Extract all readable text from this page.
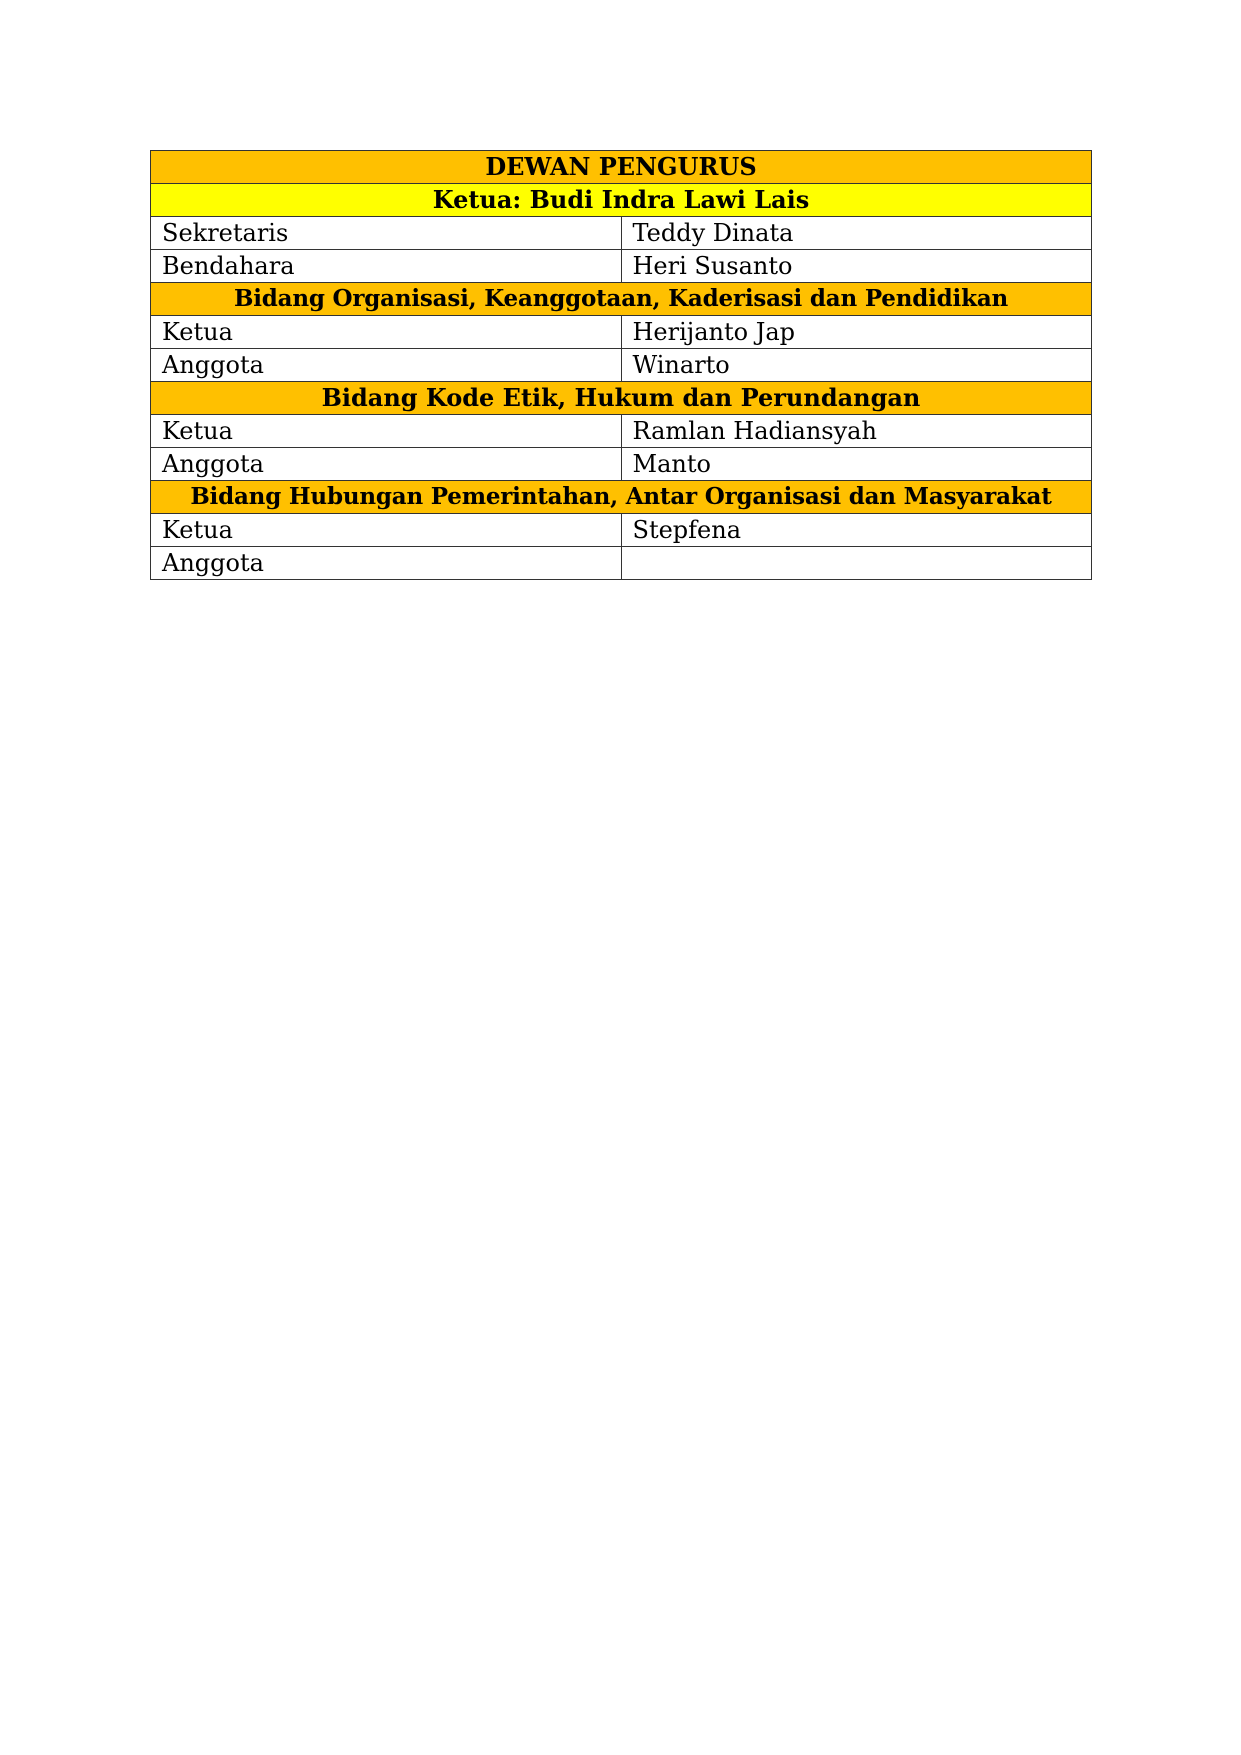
DEWAN PENGURUS	
Ketua: Budi Indra Lawi Lais	
Sekretaris	Teddy Dinata
Bendahara	Heri Susanto
Bidang Organisasi, Keanggotaan, Kaderisasi dan Pendidikan	
Ketua	Herijanto Jap
Anggota	Winarto
Bidang Kode Etik, Hukum dan Perundangan	
Ketua	Ramlan Hadiansyah
Anggota	Manto
Bidang Hubungan Pemerintahan, Antar Organisasi dan Masyarakat	
Ketua	Stepfena
Anggota	
